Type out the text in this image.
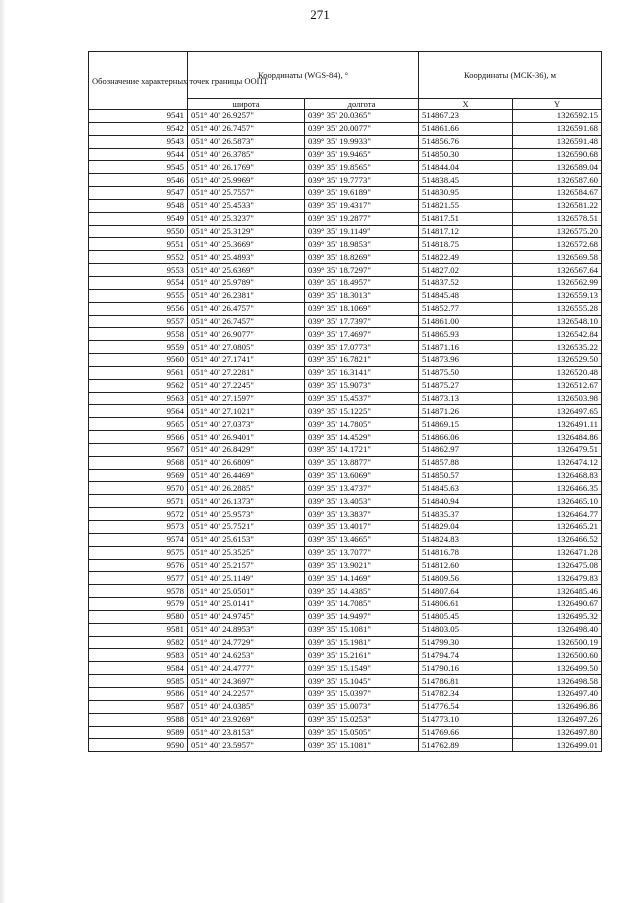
271
Обозначение характерных точек границы ООПТ	Координаты (WGS-84), °		Координаты (МСК-36), м	
	широта	долгота	X	Y
9541	051° 40' 26.9257"	039° 35' 20.0365"	514867.23	1326592.15
9542	051° 40' 26.7457"	039° 35' 20.0077"	514861.66	1326591.68
9543	051° 40' 26.5873"	039° 35' 19.9933"	514856.76	1326591.48
9544	051° 40' 26.3785"	039° 35' 19.9465"	514850.30	1326590.68
9545	051° 40' 26.1769"	039° 35' 19.8565"	514844.04	1326589.04
9546	051° 40' 25.9969"	039° 35' 19.7773"	514838.45	1326587.60
9547	051° 40' 25.7557"	039° 35' 19.6189"	514830.95	1326584.67
9548	051° 40' 25.4533"	039° 35' 19.4317"	514821.55	1326581.22
9549	051° 40' 25.3237"	039° 35' 19.2877"	514817.51	1326578.51
9550	051° 40' 25.3129"	039° 35' 19.1149"	514817.12	1326575.20
9551	051° 40' 25.3669"	039° 35' 18.9853"	514818.75	1326572.68
9552	051° 40' 25.4893"	039° 35' 18.8269"	514822.49	1326569.58
9553	051° 40' 25.6369"	039° 35' 18.7297"	514827.02	1326567.64
9554	051° 40' 25.9789"	039° 35' 18.4957"	514837.52	1326562.99
9555	051° 40' 26.2381"	039° 35' 18.3013"	514845.48	1326559.13
9556	051° 40' 26.4757"	039° 35' 18.1069"	514852.77	1326555.28
9557	051° 40' 26.7457"	039° 35' 17.7397"	514861.00	1326548.10
9558	051° 40' 26.9077"	039° 35' 17.4697"	514865.93	1326542.84
9559	051° 40' 27.0805"	039° 35' 17.0773"	514871.16	1326535.22
9560	051° 40' 27.1741"	039° 35' 16.7821"	514873.96	1326529.50
9561	051° 40' 27.2281"	039° 35' 16.3141"	514875.50	1326520.48
9562	051° 40' 27.2245"	039° 35' 15.9073"	514875.27	1326512.67
9563	051° 40' 27.1597"	039° 35' 15.4537"	514873.13	1326503.98
9564	051° 40' 27.1021"	039° 35' 15.1225"	514871.26	1326497.65
9565	051° 40' 27.0373"	039° 35' 14.7805"	514869.15	1326491.11
9566	051° 40' 26.9401"	039° 35' 14.4529"	514866.06	1326484.86
9567	051° 40' 26.8429"	039° 35' 14.1721"	514862.97	1326479.51
9568	051° 40' 26.6809"	039° 35' 13.8877"	514857.88	1326474.12
9569	051° 40' 26.4469"	039° 35' 13.6069"	514850.57	1326468.83
9570	051° 40' 26.2885"	039° 35' 13.4737"	514845.63	1326466.35
9571	051° 40' 26.1373"	039° 35' 13.4053"	514840.94	1326465.10
9572	051° 40' 25.9573"	039° 35' 13.3837"	514835.37	1326464.77
9573	051° 40' 25.7521"	039° 35' 13.4017"	514829.04	1326465.21
9574	051° 40' 25.6153"	039° 35' 13.4665"	514824.83	1326466.52
9575	051° 40' 25.3525"	039° 35' 13.7077"	514816.78	1326471.28
9576	051° 40' 25.2157"	039° 35' 13.9021"	514812.60	1326475.08
9577	051° 40' 25.1149"	039° 35' 14.1469"	514809.56	1326479.83
9578	051° 40' 25.0501"	039° 35' 14.4385"	514807.64	1326485.46
9579	051° 40' 25.0141"	039° 35' 14.7085"	514806.61	1326490.67
9580	051° 40' 24.9745"	039° 35' 14.9497"	514805.45	1326495.32
9581	051° 40' 24.8953"	039° 35' 15.1081"	514803.05	1326498.40
9582	051° 40' 24.7729"	039° 35' 15.1981"	514799.30	1326500.19
9583	051° 40' 24.6253"	039° 35' 15.2161"	514794.74	1326500.60
9584	051° 40' 24.4777"	039° 35' 15.1549"	514790.16	1326499.50
9585	051° 40' 24.3697"	039° 35' 15.1045"	514786.81	1326498.58
9586	051° 40' 24.2257"	039° 35' 15.0397"	514782.34	1326497.40
9587	051° 40' 24.0385"	039° 35' 15.0073"	514776.54	1326496.86
9588	051° 40' 23.9269"	039° 35' 15.0253"	514773.10	1326497.26
9589	051° 40' 23.8153"	039° 35' 15.0505"	514769.66	1326497.80
9590	051° 40' 23.5957"	039° 35' 15.1081"	514762.89	1326499.01
